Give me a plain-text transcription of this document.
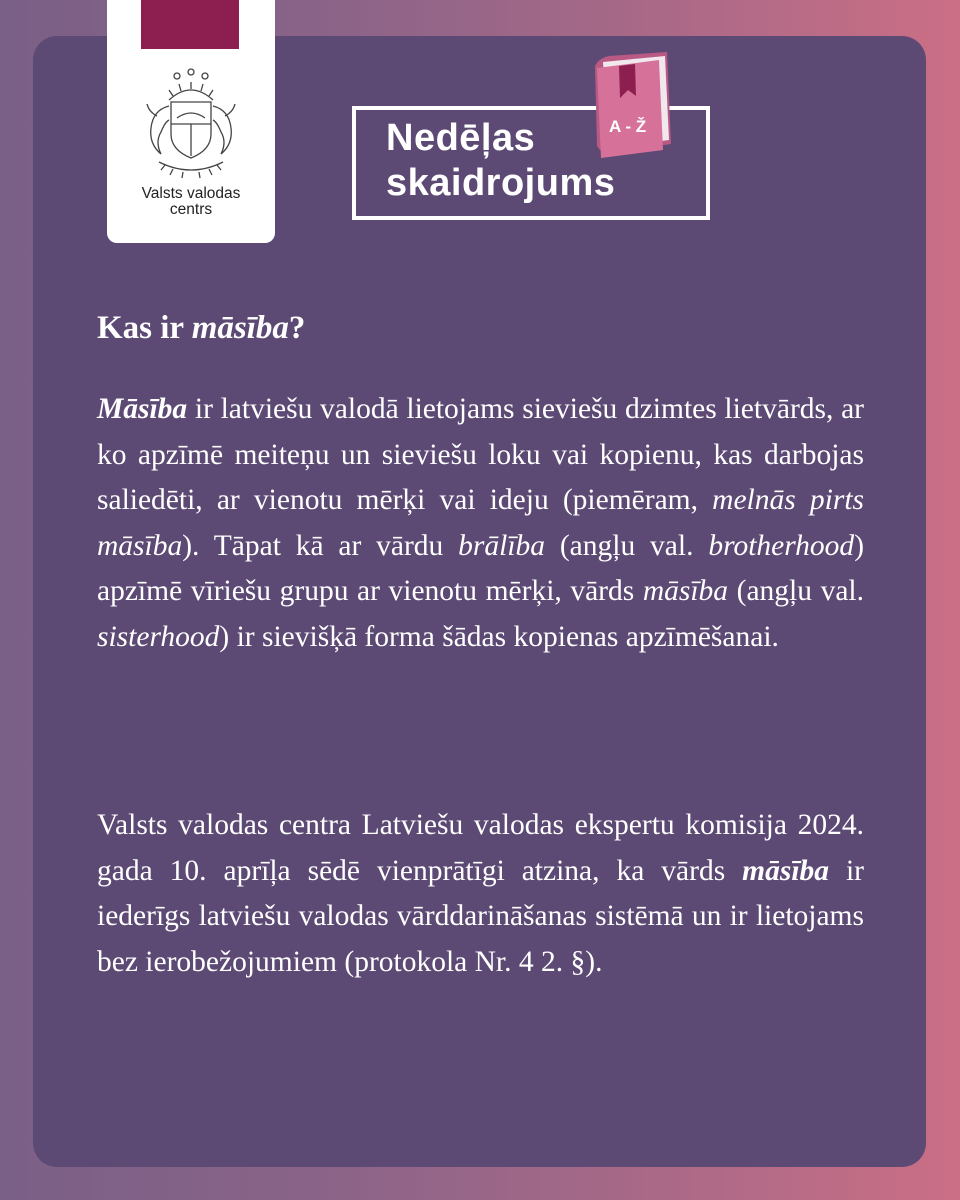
Valsts valodas
centrs
Nedēļas
skaidrojums
A - Ž
Kas ir māsība?

Māsība ir latviešu valodā lietojams sieviešu dzimtes lietvārds, ar ko apzīmē meiteņu un sieviešu loku vai kopienu, kas darbojas saliedēti, ar vienotu mērķi vai ideju (piemēram, melnās pirts māsība). Tāpat kā ar vārdu brālība (angļu val. brotherhood) apzīmē vīriešu grupu ar vienotu mērķi, vārds māsība (angļu val. sisterhood) ir sievišķā forma šādas kopienas apzīmēšanai.

Valsts valodas centra Latviešu valodas ekspertu komisija 2024. gada 10. aprīļa sēdē vienprātīgi atzina, ka vārds māsība ir iederīgs latviešu valodas vārddarināšanas sistēmā un ir lietojams bez ierobežojumiem (protokola Nr. 4 2. §).
